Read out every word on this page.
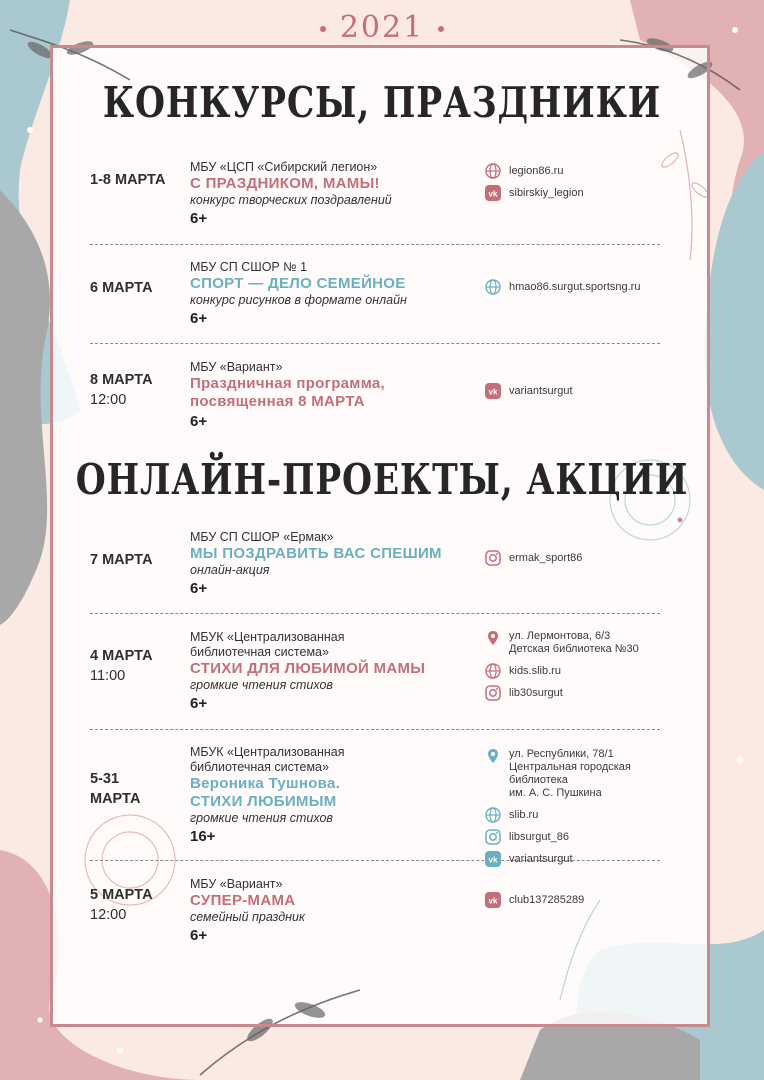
2021
КОНКУРСЫ, ПРАЗДНИКИ
ОНЛАЙН-ПРОЕКТЫ, АКЦИИ
1-8 МАРТА
МБУ «ЦСП «Сибирский легион»
С ПРАЗДНИКОМ, МАМЫ!
конкурс творческих поздравлений
6+
legion86.ru
vk sibirskiy_legion
6 МАРТА
МБУ СП СШОР № 1
СПОРТ — ДЕЛО СЕМЕЙНОЕ
конкурс рисунков в формате онлайн
6+
hmao86.surgut.sportsng.ru
8 МАРТА
12:00
МБУ «Вариант»
Праздничная программа,
посвященная 8 МАРТА
6+
vk variantsurgut
7 МАРТА
МБУ СП СШОР «Ермак»
МЫ ПОЗДРАВИТЬ ВАС СПЕШИМ
онлайн-акция
6+
ermak_sport86
4 МАРТА
11:00
МБУК «Централизованная
библиотечная система»
СТИХИ ДЛЯ ЛЮБИМОЙ МАМЫ
громкие чтения стихов
6+
ул. Лермонтова, 6/3
Детская библиотека №30
kids.slib.ru
lib30surgut
5-31
МАРТА
МБУК «Централизованная
библиотечная система»
Вероника Тушнова.
СТИХИ ЛЮБИМЫМ
громкие чтения стихов
16+
ул. Республики, 78/1
Центральная городская библиотека
им. А. С. Пушкина
slib.ru
libsurgut_86
vk variantsurgut
5 МАРТА
12:00
МБУ «Вариант»
СУПЕР-МАМА
семейный праздник
6+
vk club137285289
